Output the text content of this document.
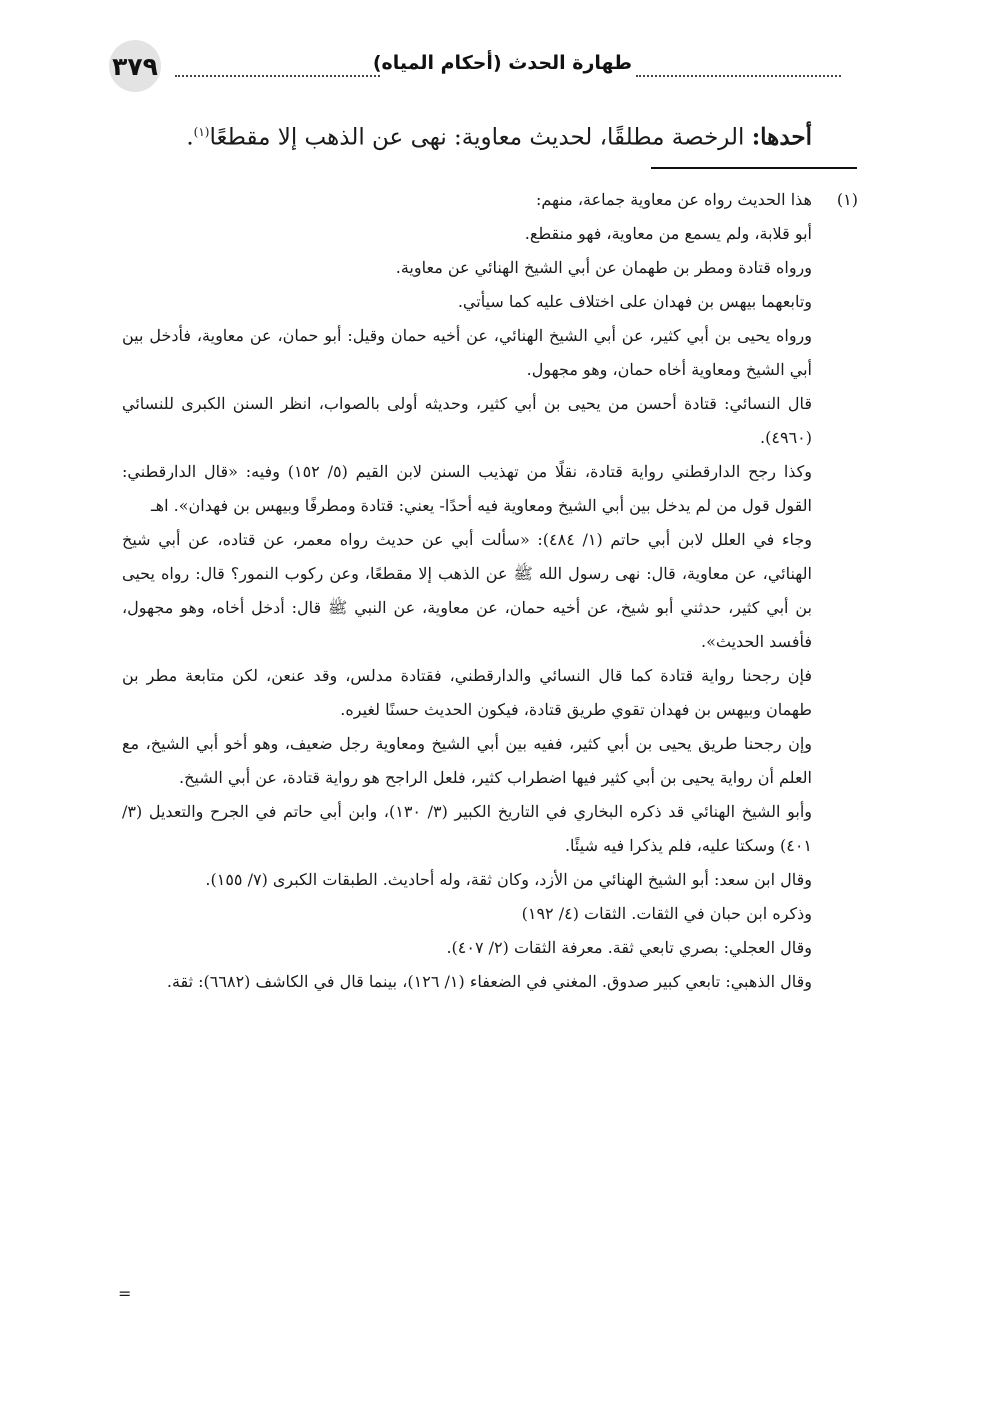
٣٧٩	طهارة الحدث (أحكام المياه)
أحدها: الرخصة مطلقًا، لحديث معاوية: نهى عن الذهب إلا مقطعًا$^{(١)}$.
(١)

هذا الحديث رواه عن معاوية جماعة، منهم:

أبو قلابة، ولم يسمع من معاوية، فهو منقطع.

ورواه قتادة ومطر بن طهمان عن أبي الشيخ الهنائي عن معاوية.

وتابعهما بيهس بن فهدان على اختلاف عليه كما سيأتي.

ورواه يحيى بن أبي كثير، عن أبي الشيخ الهنائي، عن أخيه حمان وقيل: أبو حمان، عن معاوية، فأدخل بين أبي الشيخ ومعاوية أخاه حمان، وهو مجهول.

قال النسائي: قتادة أحسن من يحيى بن أبي كثير، وحديثه أولى بالصواب، انظر السنن الكبرى للنسائي (٤٩٦٠).

وكذا رجح الدارقطني رواية قتادة، نقلًا من تهذيب السنن لابن القيم (٥/ ١٥٢) وفيه: «قال الدارقطني: القول قول من لم يدخل بين أبي الشيخ ومعاوية فيه أحدًا- يعني: قتادة ومطرفًا وبيهس بن فهدان». اهـ

وجاء في العلل لابن أبي حاتم (١/ ٤٨٤): «سألت أبي عن حديث رواه معمر، عن قتاده، عن أبي شيخ الهنائي، عن معاوية، قال: نهى رسول الله ﷺ عن الذهب إلا مقطعًا، وعن ركوب النمور؟ قال: رواه يحيى بن أبي كثير، حدثني أبو شيخ، عن أخيه حمان، عن معاوية، عن النبي ﷺ قال: أدخل أخاه، وهو مجهول، فأفسد الحديث».

فإن رجحنا رواية قتادة كما قال النسائي والدارقطني، فقتادة مدلس، وقد عنعن، لكن متابعة مطر بن طهمان وبيهس بن فهدان تقوي طريق قتادة، فيكون الحديث حسنًا لغيره.

وإن رجحنا طريق يحيى بن أبي كثير، ففيه بين أبي الشيخ ومعاوية رجل ضعيف، وهو أخو أبي الشيخ، مع العلم أن رواية يحيى بن أبي كثير فيها اضطراب كثير، فلعل الراجح هو رواية قتادة، عن أبي الشيخ.

وأبو الشيخ الهنائي قد ذكره البخاري في التاريخ الكبير (٣/ ١٣٠)، وابن أبي حاتم في الجرح والتعديل (٣/ ٤٠١) وسكتا عليه، فلم يذكرا فيه شيئًا.

وقال ابن سعد: أبو الشيخ الهنائي من الأزد، وكان ثقة، وله أحاديث. الطبقات الكبرى (٧/ ١٥٥).

وذكره ابن حبان في الثقات. الثقات (٤/ ١٩٢)

وقال العجلي: بصري تابعي ثقة. معرفة الثقات (٢/ ٤٠٧).

وقال الذهبي: تابعي كبير صدوق. المغني في الضعفاء (١/ ١٢٦)، بينما قال في الكاشف (٦٦٨٢): ثقة.

=
